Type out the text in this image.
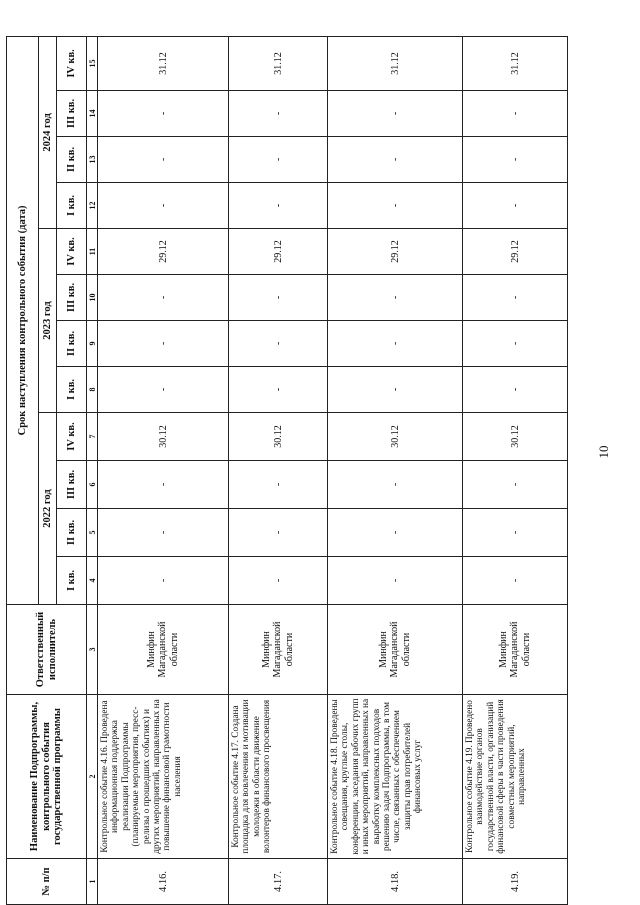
10
№ п/п	Наименование Подпрограммы, контрольного события государственной программы	Ответственный исполнитель	Срок наступления контрольного события (дата)											
			2022 год				2023 год				2024 год			
			I кв.	II кв.	III кв.	IV кв.	I кв.	II кв.	III кв.	IV кв.	I кв.	II кв.	III кв.	IV кв.
1	2	3	4	5	6	7	8	9	10	11	12	13	14	15
4.16.	Контрольное событие 4.16. Проведена информационная поддержка реализации Подпрограммы (планируемые мероприятия, пресс-релизы о прошедших событиях) и других мероприятий, направленных на повышение финансовой грамотности населения	Минфин Магаданской области	-	-	-	30.12	-	-	-	29.12	-	-	-	31.12
4.17.	Контрольное событие 4.17. Создана площадка для вовлечения и мотивации молодежи в области движение волонтеров финансового просвещения	Минфин Магаданской области	-	-	-	30.12	-	-	-	29.12	-	-	-	31.12
4.18.	Контрольное событие 4.18. Проведены совещания, круглые столы, конференции, заседания рабочих групп и иных мероприятий, направленных на выработку комплексных подходов решению задач Подпрограммы, в том числе, связанных с обеспечением защиты прав потребителей финансовых услуг	Минфин Магаданской области	-	-	-	30.12	-	-	-	29.12	-	-	-	31.12
4.19.	Контрольное событие 4.19. Проведено взаимодействие органов государственной власти, организаций финансовой сферы в части проведения совместных мероприятий, направленных	Минфин Магаданской области	-	-	-	30.12	-	-	-	29.12	-	-	-	31.12
